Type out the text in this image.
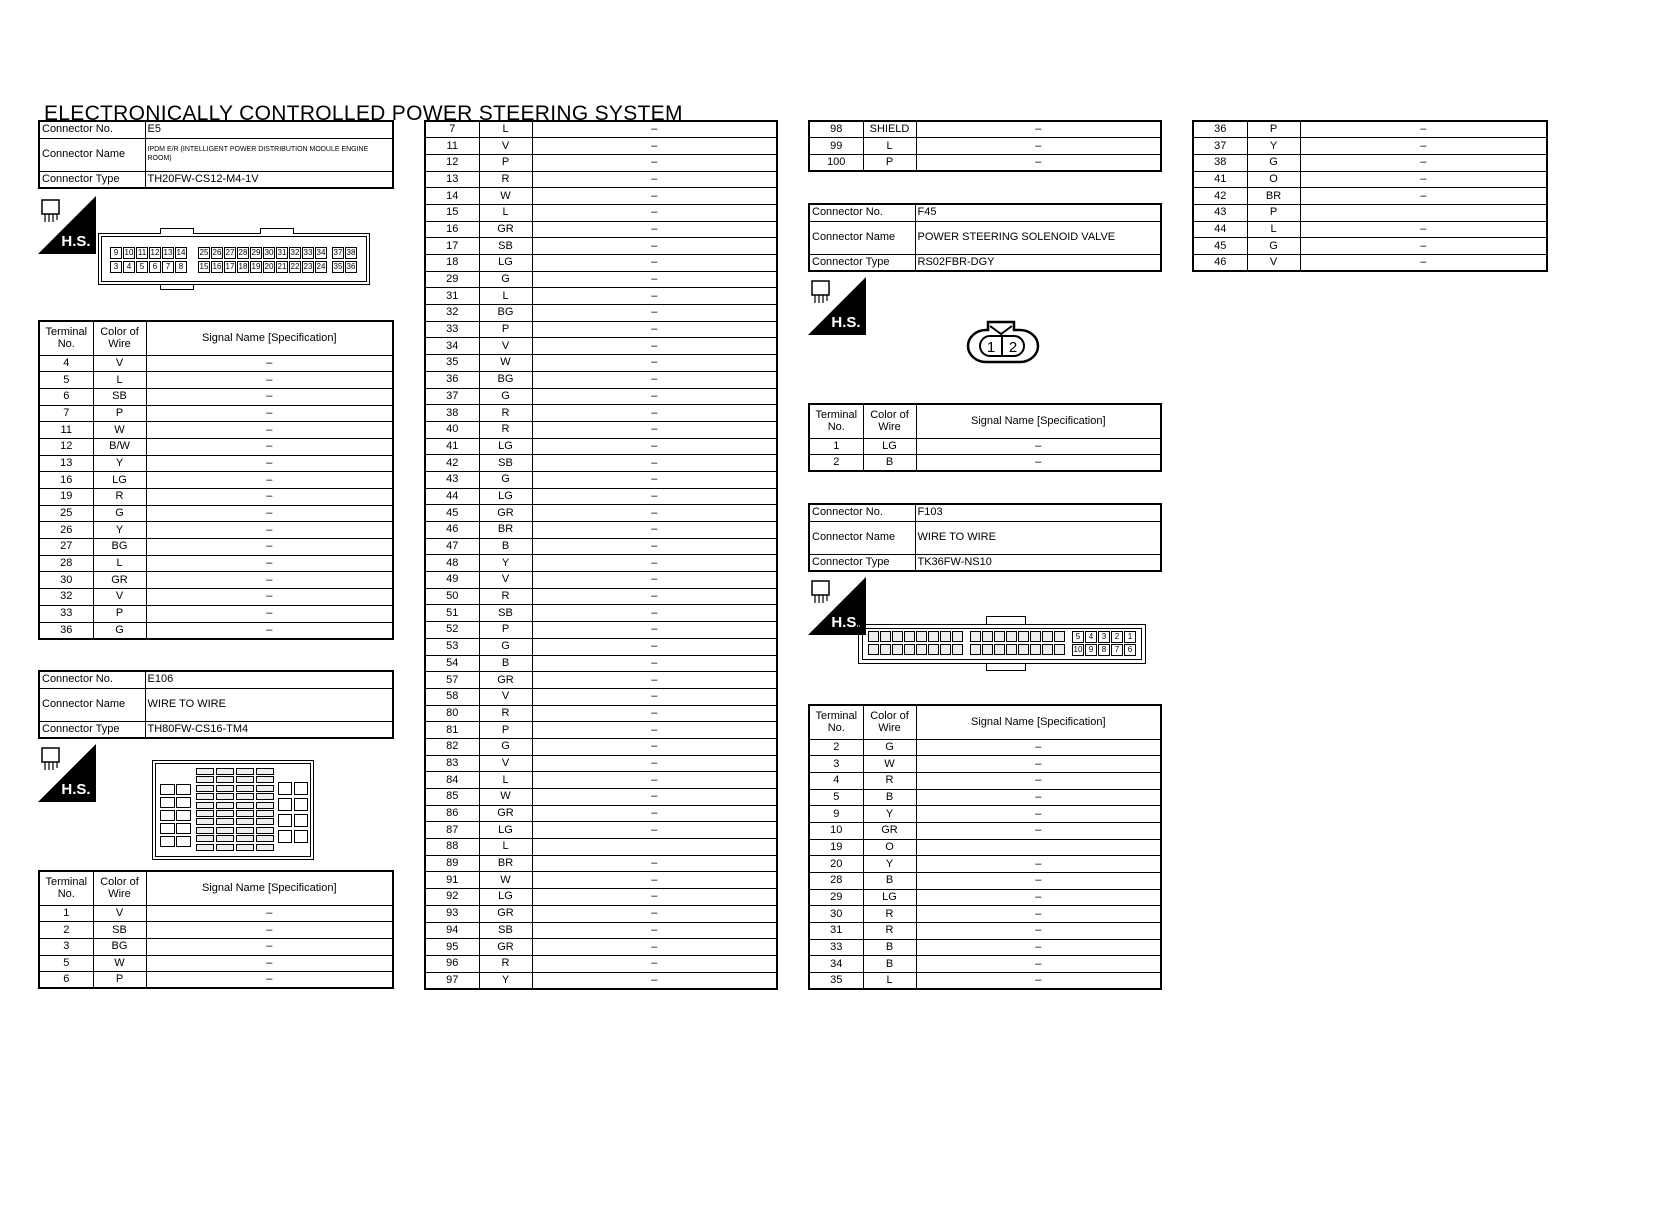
ELECTRONICALLY CONTROLLED POWER STEERING SYSTEM
Connector No.	E5
Connector Name	IPDM E/R (INTELLIGENT POWER DISTRIBUTION MODULE ENGINE ROOM)
Connector Type	TH20FW-CS12-M4-1V
H.S.
9 10 11 12 13 14 25 26 27 28 29 30 31 32 33 34 37 38
3	4	5	6	7	8	15 16 17 18 19 20 21 22 23 24 35 36
Terminal No.	Color of Wire	Signal Name [Specification]
4	V	–
5	L	–
6	SB	–
7	P	–
11	W	–
12	B/W	–
13	Y	–
16	LG	–
19	R	–
25	G	–
26	Y	–
27	BG	–
28	L	–
30	GR	–
32	V	–
33	P	–
36	G	–
Connector No.	E106
Connector Name	WIRE TO WIRE
Connector Type	TH80FW-CS16-TM4
H.S.
Terminal No.	Color of Wire	Signal Name [Specification]
1	V	–
2	SB	–
3	BG	–
5	W	–
6	P	–
7	L	–
11	V	–
12	P	–
13	R	–
14	W	–
15	L	–
16	GR	–
17	SB	–
18	LG	–
29	G	–
31	L	–
32	BG	–
33	P	–
34	V	–
35	W	–
36	BG	–
37	G	–
38	R	–
40	R	–
41	LG	–
42	SB	–
43	G	–
44	LG	–
45	GR	–
46	BR	–
47	B	–
48	Y	–
49	V	–
50	R	–
51	SB	–
52	P	–
53	G	–
54	B	–
57	GR	–
58	V	–
80	R	–
81	P	–
82	G	–
83	V	–
84	L	–
85	W	–
86	GR	–
87	LG	–
88	L	
89	BR	–
91	W	–
92	LG	–
93	GR	–
94	SB	–
95	GR	–
96	R	–
97	Y	–
98	SHIELD	–
99	L	–
100	P	–
Connector No.	F45
Connector Name	POWER STEERING SOLENOID VALVE
Connector Type	RS02FBR-DGY
H.S.
1 2
Terminal No.	Color of Wire	Signal Name [Specification]
1	LG	–
2	B	–
Connector No.	F103
Connector Name	WIRE TO WIRE
Connector Type	TK36FW-NS10
H.S.
5	4	3	2	1
10 9	8	7	6
Terminal No.	Color of Wire	Signal Name [Specification]
2	G	–
3	W	–
4	R	–
5	B	–
9	Y	–
10	GR	–
19	O	
20	Y	–
28	B	–
29	LG	–
30	R	–
31	R	–
33	B	–
34	B	–
35	L	–
36	P	–
37	Y	–
38	G	–
41	O	–
42	BR	–
43	P	
44	L	–
45	G	–
46	V	–
